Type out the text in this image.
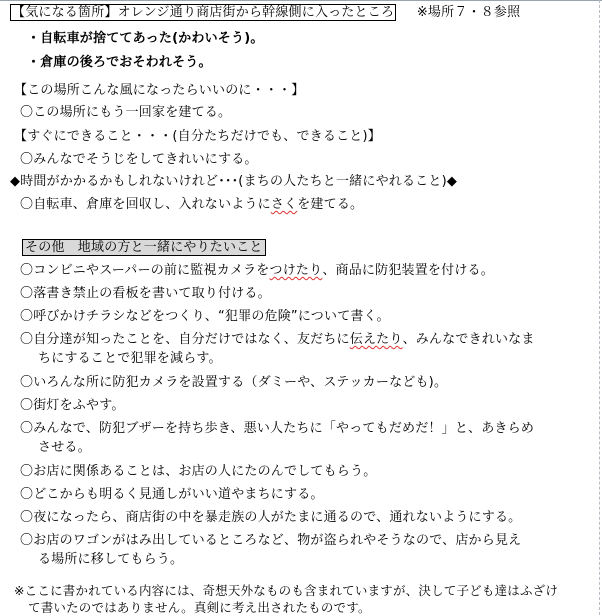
【気になる箇所】オレンジ通り商店街から幹線側に入ったところ ※場所７・８参照
・自転車が捨ててあった(かわいそう)。
・倉庫の後ろでおそわれそう。
【この場所こんな風になったらいいのに・・・】
〇この場所にもう一回家を建てる。
【すぐにできること・・・(自分たちだけでも、できること)】
〇みんなでそうじをしてきれいにする。
◆時間がかかるかもしれないけれど･･･(まちの人たちと一緒にやれること)◆
〇自転車、倉庫を回収し、入れないようにさくを建てる。
その他　地域の方と一緒にやりたいこと
〇コンビニやスーパーの前に監視カメラをつけたり、商品に防犯装置を付ける。
〇落書き禁止の看板を書いて取り付ける。
〇呼びかけチラシなどをつくり、“犯罪の危険”について書く。
〇自分達が知ったことを、自分だけではなく、友だちに伝えたり、みんなできれいなま
ちにすることで犯罪を減らす。
〇いろんな所に防犯カメラを設置する（ダミーや、ステッカーなども)。
〇街灯をふやす。
〇みんなで、防犯ブザーを持ち歩き、悪い人たちに「やってもだめだ！」と、あきらめ
させる。
〇お店に関係あることは、お店の人にたのんでしてもらう。
〇どこからも明るく見通しがいい道やまちにする。
〇夜になったら、商店街の中を暴走族の人がたまに通るので、通れないようにする。
〇お店のワゴンがはみ出しているところなど、物が盗られやそうなので、店から見え
る場所に移してもらう。
※ここに書かれている内容には、奇想天外なものも含まれていますが、決して子ども達はふざけ
て書いたのではありません。真剣に考え出されたものです。
